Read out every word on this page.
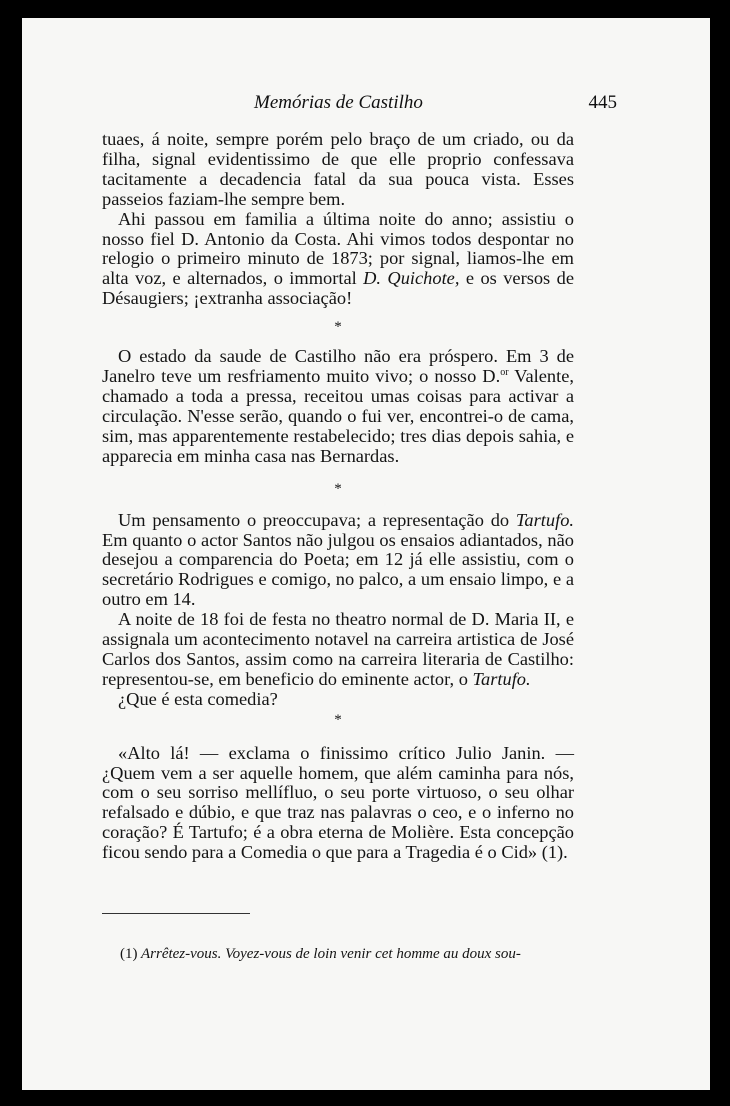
Memórias de Castilho	445

tuaes, á noite, sempre porém pelo braço de um criado, ou da filha, signal evidentissimo de que elle proprio confessava tacitamente a decadencia fatal da sua pouca vista. Esses passeios faziam-lhe sempre bem.

Ahi passou em familia a última noite do anno; assistiu o nosso fiel D. Antonio da Costa. Ahi vimos todos despontar no relogio o primeiro minuto de 1873; por signal, liamos-lhe em alta voz, e alternados, o immortal D. Quichote, e os versos de Désaugiers; ¡extranha associação!

*

O estado da saude de Castilho não era próspero. Em 3 de Janelro teve um resfriamento muito vivo; o nosso D.$^{or}$ Valente, chamado a toda a pressa, receitou umas coisas para activar a circulação. N'esse serão, quando o fui ver, encontrei-o de cama, sim, mas apparentemente restabelecido; tres dias depois sahia, e apparecia em minha casa nas Bernardas.

*

Um pensamento o preoccupava; a representação do Tartufo. Em quanto o actor Santos não julgou os ensaios adiantados, não desejou a comparencia do Poeta; em 12 já elle assistiu, com o secretário Rodrigues e comigo, no palco, a um ensaio limpo, e a outro em 14.

A noite de 18 foi de festa no theatro normal de D. Maria II, e assignala um acontecimento notavel na carreira artistica de José Carlos dos Santos, assim como na carreira literaria de Castilho: representou-se, em beneficio do eminente actor, o Tartufo.

¿Que é esta comedia?

*

«Alto lá! — exclama o finissimo crítico Julio Janin. — ¿Quem vem a ser aquelle homem, que além caminha para nós, com o seu sorriso mellífluo, o seu porte virtuoso, o seu olhar refalsado e dúbio, e que traz nas palavras o ceo, e o inferno no coração? É Tartufo; é a obra eterna de Molière. Esta concepção ficou sendo para a Comedia o que para a Tragedia é o Cid» (1).

(1) Arrêtez-vous. Voyez-vous de loin venir cet homme au doux sou-
